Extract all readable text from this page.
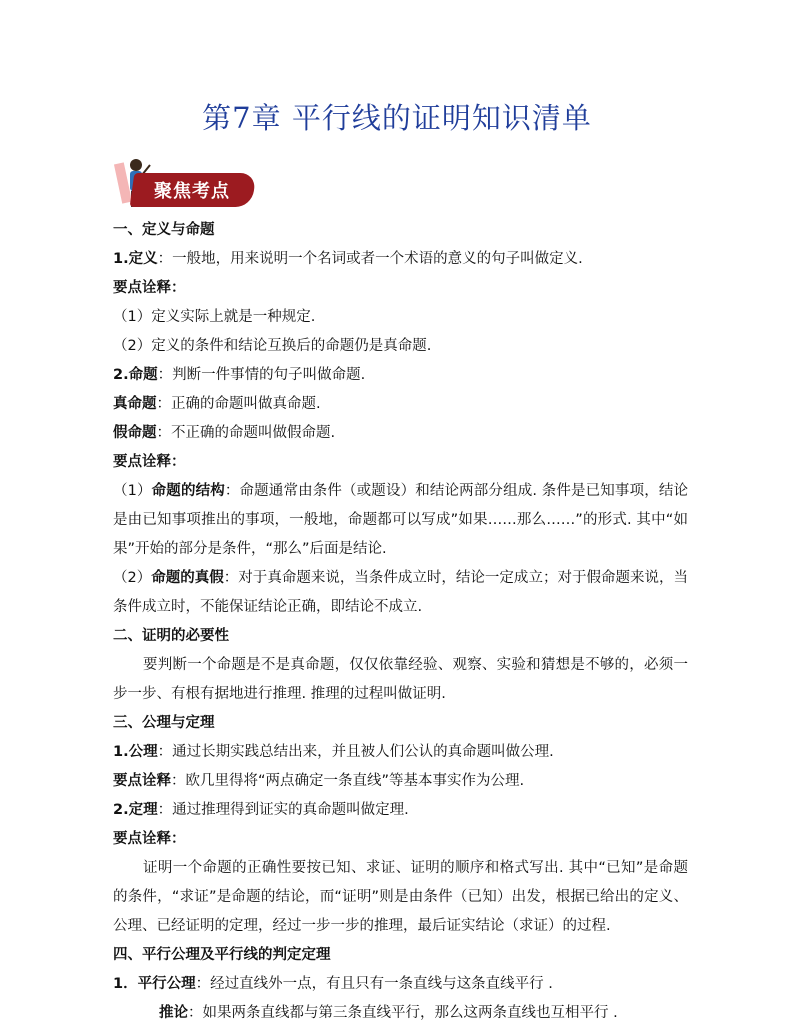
第7章 平行线的证明知识清单
聚焦考点
一、定义与命题
1.定义：一般地，用来说明一个名词或者一个术语的意义的句子叫做定义.
要点诠释：
（1）定义实际上就是一种规定.
（2）定义的条件和结论互换后的命题仍是真命题.
2.命题：判断一件事情的句子叫做命题.
真命题：正确的命题叫做真命题.
假命题：不正确的命题叫做假命题.
要点诠释：
（1）命题的结构：命题通常由条件（或题设）和结论两部分组成. 条件是已知事项，结论是由已知事项推出的事项，一般地，命题都可以写成”如果……那么……”的形式. 其中“如果”开始的部分是条件，“那么”后面是结论.
（2）命题的真假：对于真命题来说，当条件成立时，结论一定成立；对于假命题来说，当条件成立时，不能保证结论正确，即结论不成立.
二、证明的必要性
要判断一个命题是不是真命题，仅仅依靠经验、观察、实验和猜想是不够的，必须一步一步、有根有据地进行推理. 推理的过程叫做证明.
三、公理与定理
1.公理：通过长期实践总结出来，并且被人们公认的真命题叫做公理.
要点诠释：欧几里得将“两点确定一条直线”等基本事实作为公理.
2.定理：通过推理得到证实的真命题叫做定理.
要点诠释：
证明一个命题的正确性要按已知、求证、证明的顺序和格式写出. 其中“已知”是命题的条件，“求证”是命题的结论，而“证明”则是由条件（已知）出发，根据已给出的定义、公理、已经证明的定理，经过一步一步的推理，最后证实结论（求证）的过程.
四、平行公理及平行线的判定定理
1．平行公理：经过直线外一点，有且只有一条直线与这条直线平行 .
推论：如果两条直线都与第三条直线平行，那么这两条直线也互相平行 .
